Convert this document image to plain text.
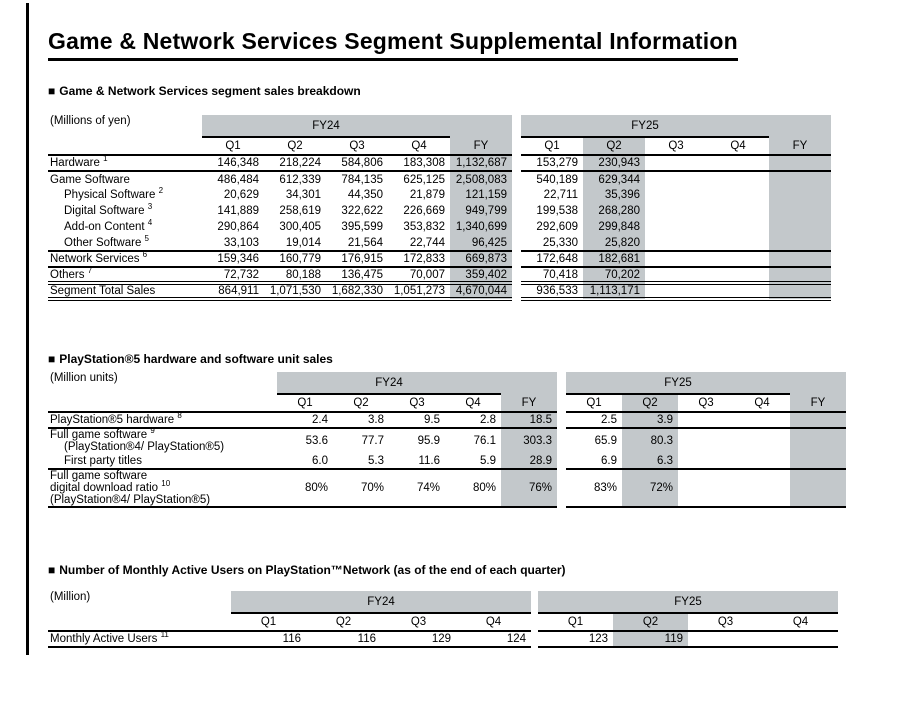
Game & Network Services Segment Supplemental Information
■ Game & Network Services segment sales breakdown
(Millions of yen)	FY24				FY		FY25				FY
	Q1	Q2	Q3	Q4			Q1	Q2	Q3	Q4	

Hardware $^1$	146,348	218,224	584,806	183,308	1,132,687		153,279	230,943			

Game Software	486,484	612,339	784,135	625,125	2,508,083		540,189	629,344			

Physical Software $^2$	20,629	34,301	44,350	21,879	121,159		22,711	35,396			

Digital Software $^3$	141,889	258,619	322,622	226,669	949,799		199,538	268,280			

Add-on Content $^4$	290,864	300,405	395,599	353,832	1,340,699		292,609	299,848			

Other Software $^5$	33,103	19,014	21,564	22,744	96,425		25,330	25,820			

Network Services $^6$	159,346	160,779	176,915	172,833	669,873		172,648	182,681			

Others $^7$	72,732	80,188	136,475	70,007	359,402		70,418	70,202			

Segment Total Sales	864,911	1,071,530	1,682,330	1,051,273	4,670,044		936,533	1,113,171			
■ PlayStation®5 hardware and software unit sales
(Million units)	FY24				FY		FY25				FY
	Q1	Q2	Q3	Q4			Q1	Q2	Q3	Q4	

PlayStation®5 hardware $^8$	2.4	3.8	9.5	2.8	18.5		2.5	3.9			

Full game software $^9$
(PlayStation®4/ PlayStation®5)	53.6	77.7	95.9	76.1	303.3		65.9	80.3			

First party titles	6.0	5.3	11.6	5.9	28.9		6.9	6.3			

Full game software
digital download ratio $^{10}$
(PlayStation®4/ PlayStation®5)	80%	70%	74%	80%	76%		83%	72%			
■ Number of Monthly Active Users on PlayStation™Network (as of the end of each quarter)
(Million)	FY24					FY25			
	Q1	Q2	Q3	Q4		Q1	Q2	Q3	Q4

Monthly Active Users $^{11}$	116	116	129	124		123	119		
